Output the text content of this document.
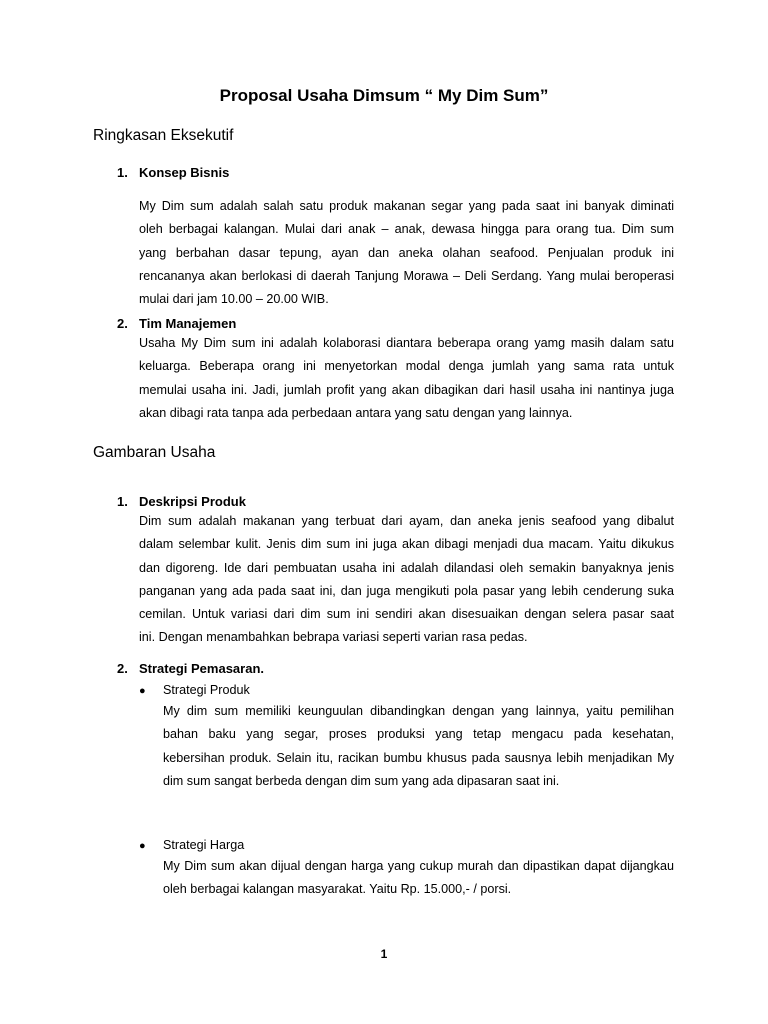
Proposal Usaha Dimsum “ My Dim Sum”
Ringkasan Eksekutif
1. Konsep Bisnis
My Dim sum adalah salah satu produk makanan segar yang pada saat ini banyak diminati
oleh berbagai kalangan. Mulai dari anak – anak, dewasa hingga para orang tua. Dim sum
yang berbahan dasar tepung, ayan dan aneka olahan seafood. Penjualan produk ini
rencananya akan berlokasi di daerah Tanjung Morawa – Deli Serdang. Yang mulai beroperasi
mulai dari jam 10.00 – 20.00 WIB.
2. Tim Manajemen
Usaha My Dim sum ini adalah kolaborasi diantara beberapa orang yamg masih dalam satu
keluarga. Beberapa orang ini menyetorkan modal denga jumlah yang sama rata untuk
memulai usaha ini. Jadi, jumlah profit yang akan dibagikan dari hasil usaha ini nantinya juga
akan dibagi rata tanpa ada perbedaan antara yang satu dengan yang lainnya.
Gambaran Usaha
1. Deskripsi Produk
Dim sum adalah makanan yang terbuat dari ayam, dan aneka jenis seafood yang dibalut
dalam selembar kulit. Jenis dim sum ini juga akan dibagi menjadi dua macam. Yaitu dikukus
dan digoreng. Ide dari pembuatan usaha ini adalah dilandasi oleh semakin banyaknya jenis
panganan yang ada pada saat ini, dan juga mengikuti pola pasar yang lebih cenderung suka
cemilan. Untuk variasi dari dim sum ini sendiri akan disesuaikan dengan selera pasar saat
ini. Dengan menambahkan bebrapa variasi seperti varian rasa pedas.
2. Strategi Pemasaran.
● Strategi Produk
My dim sum memiliki keunguulan dibandingkan dengan yang lainnya, yaitu pemilihan
bahan baku yang segar, proses produksi yang tetap mengacu pada kesehatan,
kebersihan produk. Selain itu, racikan bumbu khusus pada sausnya lebih menjadikan My
dim sum sangat berbeda dengan dim sum yang ada dipasaran saat ini.
● Strategi Harga
My Dim sum akan dijual dengan harga yang cukup murah dan dipastikan dapat dijangkau
oleh berbagai kalangan masyarakat. Yaitu Rp. 15.000,- / porsi.
1
